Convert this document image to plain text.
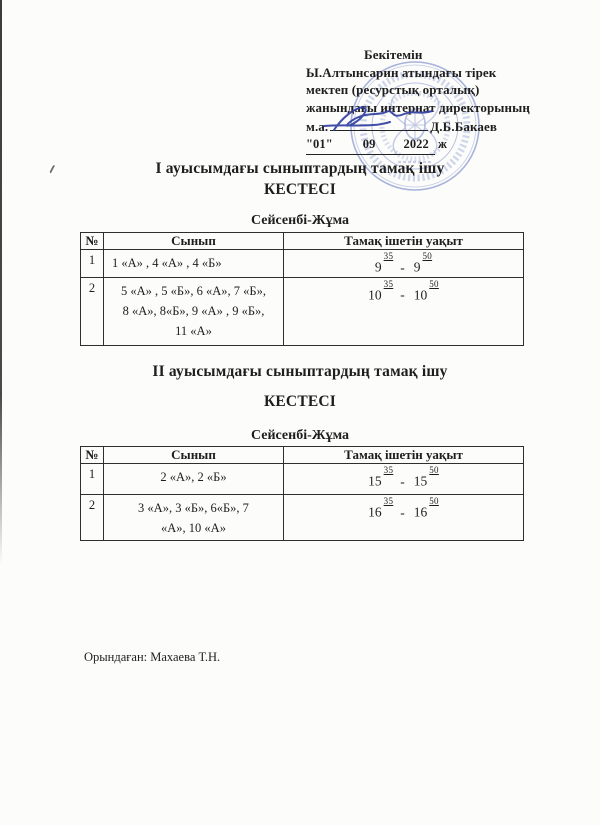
Бекітемін
Ы.Алтынсарин атындағы тірек
мектеп (ресурстық орталық)
жанындағы интернат директорының
м.а.	Д.Б.Бакаев
"01" 09 2022 ж
І ауысымдағы сыныптардың тамақ ішу
КЕСТЕСІ
Сейсенбі-Жұма
№	Сынып	Тамақ ішетін уақыт
1	1 «А» , 4 «А» , 4 «Б»	$9^{35}-$ $9^{50}$
2	5 «А» , 5 «Б», 6 «А», 7 «Б», 8 «А», 8«Б», 9 «А» , 9 «Б», 11 «А»	$10^{35}-$ $10^{50}$
ІІ ауысымдағы сыныптардың тамақ ішу
КЕСТЕСІ
Сейсенбі-Жұма
№	Сынып	Тамақ ішетін уақыт
1	2 «А», 2 «Б»	$15^{35}-$ $15^{50}$
2	3 «А», 3 «Б», 6«Б», 7 «А», 10 «А»	$16^{35}-$ $16^{50}$
Орындаған: Махаева Т.Н.
